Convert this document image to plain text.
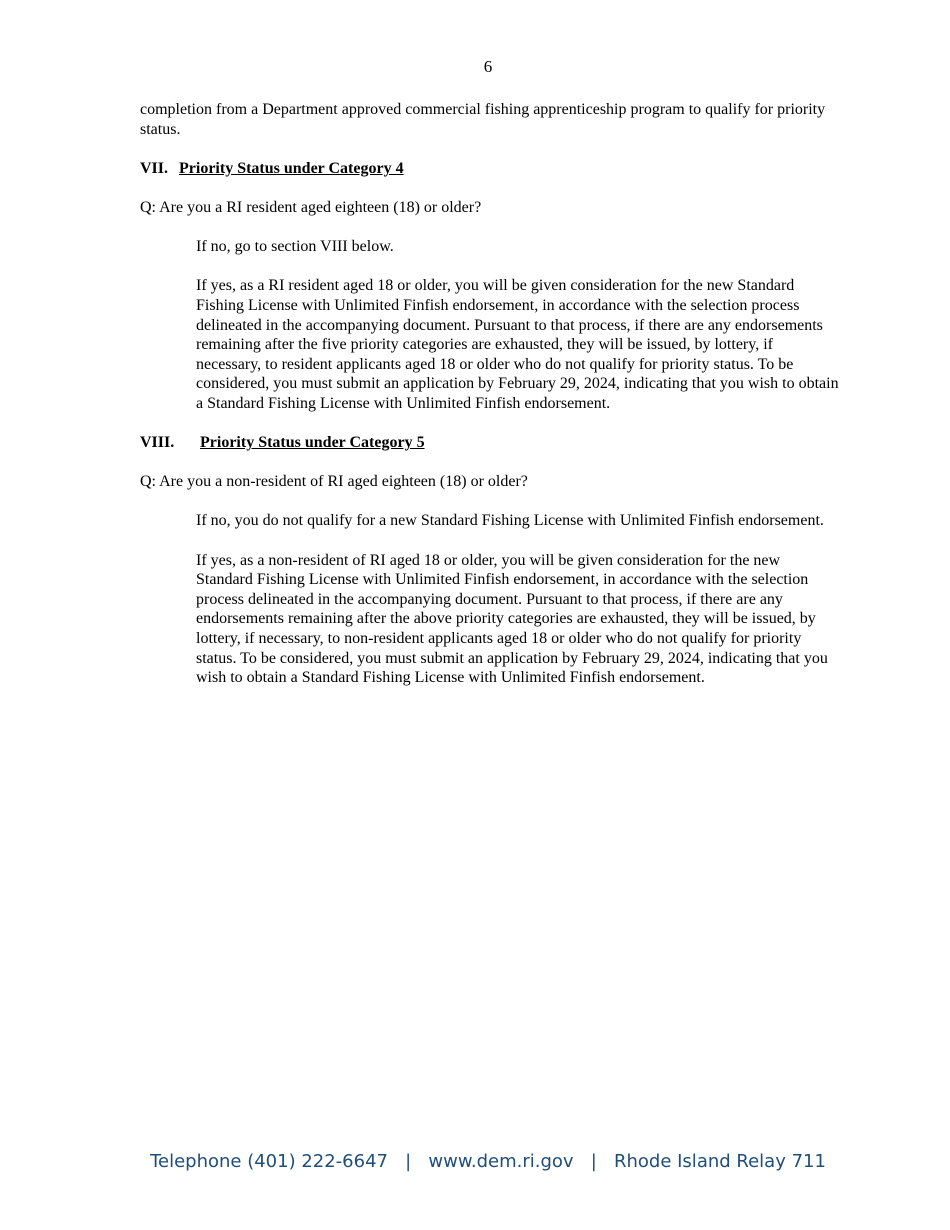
6

completion from a Department approved commercial fishing apprenticeship program to qualify for priority status.

VII. Priority Status under Category 4

Q: Are you a RI resident aged eighteen (18) or older?

If no, go to section VIII below.

If yes, as a RI resident aged 18 or older, you will be given consideration for the new Standard Fishing License with Unlimited Finfish endorsement, in accordance with the selection process delineated in the accompanying document. Pursuant to that process, if there are any endorsements remaining after the five priority categories are exhausted, they will be issued, by lottery, if necessary, to resident applicants aged 18 or older who do not qualify for priority status. To be considered, you must submit an application by February 29, 2024, indicating that you wish to obtain a Standard Fishing License with Unlimited Finfish endorsement.

VIII. Priority Status under Category 5

Q: Are you a non-resident of RI aged eighteen (18) or older?

If no, you do not qualify for a new Standard Fishing License with Unlimited Finfish endorsement.

If yes, as a non-resident of RI aged 18 or older, you will be given consideration for the new Standard Fishing License with Unlimited Finfish endorsement, in accordance with the selection process delineated in the accompanying document. Pursuant to that process, if there are any endorsements remaining after the above priority categories are exhausted, they will be issued, by lottery, if necessary, to non-resident applicants aged 18 or older who do not qualify for priority status. To be considered, you must submit an application by February 29, 2024, indicating that you wish to obtain a Standard Fishing License with Unlimited Finfish endorsement.

Telephone (401) 222-6647   |   www.dem.ri.gov   |   Rhode Island Relay 711
